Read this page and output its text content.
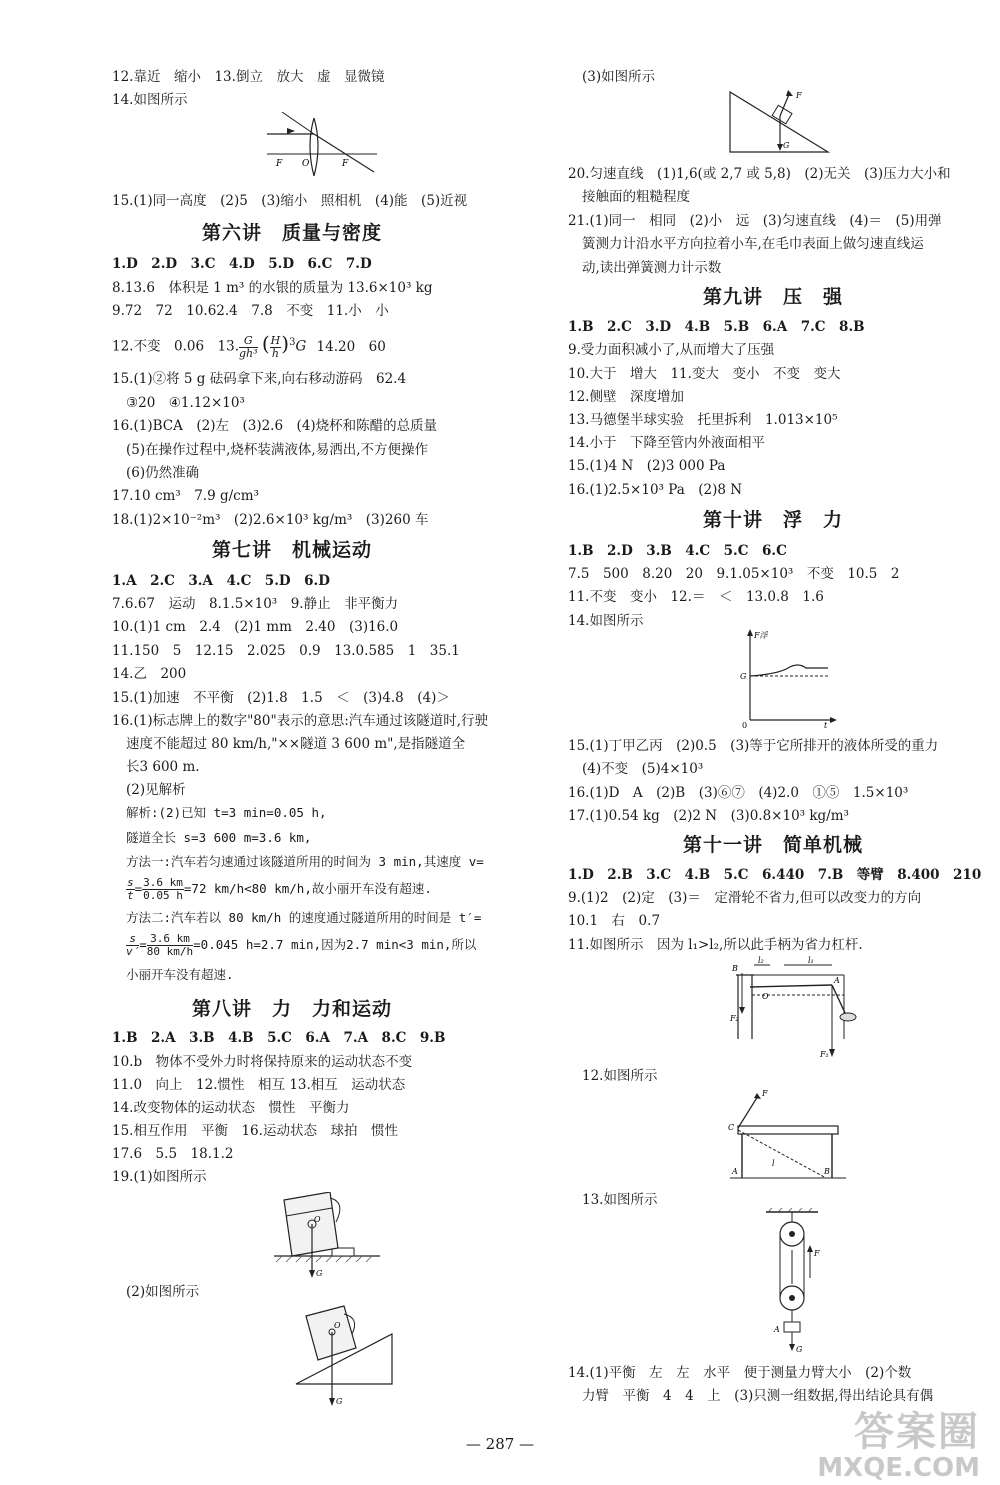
12.靠近　缩小　13.倒立　放大　虚　显微镜
14.如图所示
F O	F
15.(1)同一高度　(2)5　(3)缩小　照相机　(4)能　(5)近视
第六讲　质量与密度
1.D　2.D　3.C　4.D　5.D　6.C　7.D
8.13.6　体积是 1 m³ 的水银的质量为 13.6×10³ kg
9.72　72　10.62.4　7.8　不变　11.小　小
12.不变　0.06　13. $\frac{G}{\text{gh³}}$ ( $\frac{H}{h} )^3G$ 14.20　60
15.(1)②将 5 g 砝码拿下来,向右移动游码　62.4
③20　④1.12×10³
16.(1)BCA　(2)左　(3)2.6　(4)烧杯和陈醋的总质量
(5)在操作过程中,烧杯装满液体,易洒出,不方便操作
(6)仍然准确
17.10 cm³　7.9 g/cm³
18.(1)2×10⁻²m³　(2)2.6×10³ kg/m³　(3)260 车
第七讲　机械运动
1.A　2.C　3.A　4.C　5.D　6.D
7.6.67　运动　8.1.5×10³　9.静止　非平衡力
10.(1)1 cm　2.4　(2)1 mm　2.40　(3)16.0
11.150　5　12.15　2.025　0.9　13.0.585　1　35.1
14.乙　200
15.(1)加速　不平衡　(2)1.8　1.5　＜　(3)4.8　(4)＞
16.(1)标志牌上的数字"80"表示的意思:汽车通过该隧道时,行驶
速度不能超过 80 km/h,"××隧道 3 600 m",是指隧道全
长3 600 m.
(2)见解析
解析:(2)已知 t=3 min=0.05 h,
隧道全长 s=3 600 m=3.6 km,
方法一:汽车若匀速通过该隧道所用的时间为 3 min,其速度 v=
$\frac{s}{t} = \frac{3.6 km}{0.05 h} =72$ km/h<80 km/h,故小丽开车没有超速.
方法二:汽车若以 80 km/h 的速度通过隧道所用的时间是 t′=
$\frac{s}{v'} = \frac{3.6 km}{80 km/h} =0.045$ h=2.7 min,因为2.7 min<3 min,所以
小丽开车没有超速.
第八讲　力　力和运动
1.B　2.A　3.B　4.B　5.C　6.A　7.A　8.C　9.B
10.b　物体不受外力时将保持原来的运动状态不变
11.0　向上　12.惯性　相互 13.相互　运动状态
14.改变物体的运动状态　惯性　平衡力
15.相互作用　平衡　16.运动状态　球拍　惯性
17.6　5.5　18.1.2
19.(1)如图所示
O
G
(2)如图所示
O
G
(3)如图所示
F
G
20.匀速直线　(1)1,6(或 2,7 或 5,8)　(2)无关　(3)压力大小和
接触面的粗糙程度
21.(1)同一　相同　(2)小　远　(3)匀速直线　(4)＝　(5)用弹
簧测力计沿水平方向拉着小车,在毛巾表面上做匀速直线运
动,读出弹簧测力计示数
第九讲　压　强
1.B　2.C　3.D　4.B　5.B　6.A　7.C　8.B
9.受力面积减小了,从而增大了压强
10.大于　增大　11.变大　变小　不变　变大
12.侧壁　深度增加
13.马德堡半球实验　托里拆利　1.013×10⁵
14.小于　下降至管内外液面相平
15.(1)4 N　(2)3 000 Pa
16.(1)2.5×10³ Pa　(2)8 N
第十讲　浮　力
1.B　2.D　3.B　4.C　5.C　6.C
7.5　500　8.20　20　9.1.05×10³　不变　10.5　2
11.不变　变小　12.＝　＜　13.0.8　1.6
14.如图所示
F浮
G
0	t
15.(1)丁甲乙丙　(2)0.5　(3)等于它所排开的液体所受的重力
(4)不变　(5)4×10³
16.(1)D　A　(2)B　(3)⑥⑦　(4)2.0　①⑤　1.5×10³
17.(1)0.54 kg　(2)2 N　(3)0.8×10³ kg/m³
第十一讲　简单机械
1.D　2.B　3.C　4.B　5.C　6.440　7.B　等臂　8.400　210
9.(1)2　(2)定　(3)＝　定滑轮不省力,但可以改变力的方向
10.1　右　0.7
11.如图所示　因为 l₁>l₂,所以此手柄为省力杠杆.
B
l₂	l₁
O
A
F₂
F₁
12.如图所示
F
C
A
l
B
13.如图所示
F
A
G
14.(1)平衡　左　左　水平　便于测量力臂大小　(2)个数
力臂　平衡　4　4　上　(3)只测一组数据,得出结论具有偶
— 287 —	答案圈
MXQE.COM
